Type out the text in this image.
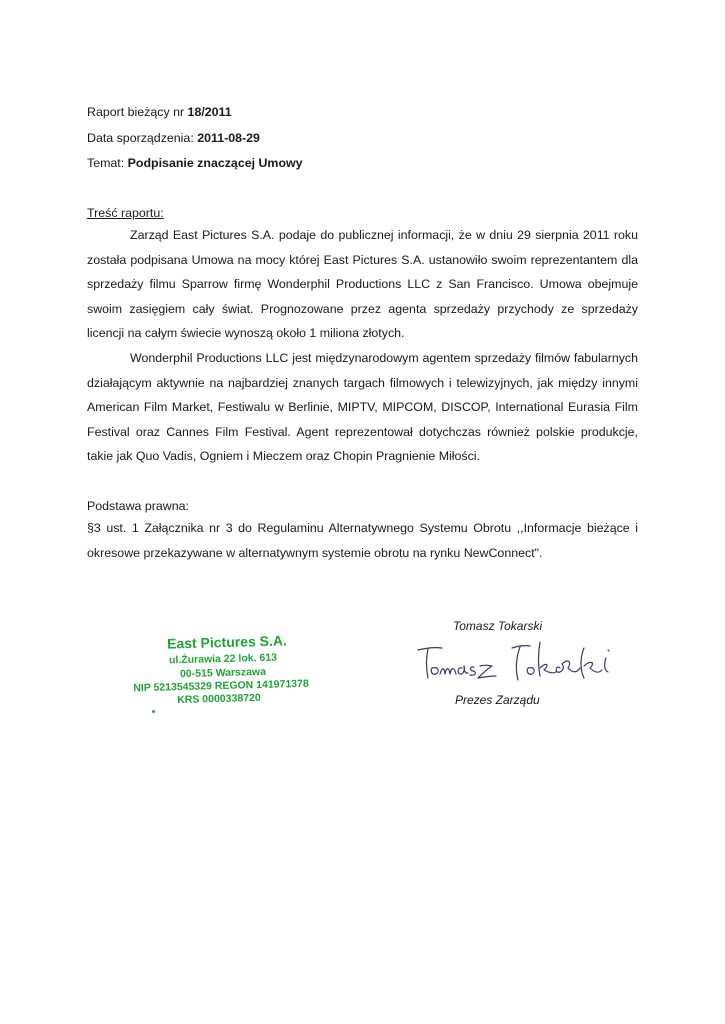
Raport bieżący nr 18/2011
Data sporządzenia: 2011-08-29
Temat: Podpisanie znaczącej Umowy
Treść raportu:

Zarząd East Pictures S.A. podaje do publicznej informacji, że w dniu 29 sierpnia 2011 roku została podpisana Umowa na mocy której East Pictures S.A. ustanowiło swoim reprezentantem dla sprzedaży filmu Sparrow firmę Wonderphil Productions LLC z San Francisco. Umowa obejmuje swoim zasięgiem cały świat. Prognozowane przez agenta sprzedaży przychody ze sprzedaży licencji na całym świecie wynoszą około 1 miliona złotych.

Wonderphil Productions LLC jest międzynarodowym agentem sprzedaży filmów fabularnych działającym aktywnie na najbardziej znanych targach filmowych i telewizyjnych, jak między innymi American Film Market, Festiwalu w Berlinie, MIPTV, MIPCOM, DISCOP, International Eurasia Film Festival oraz Cannes Film Festival. Agent reprezentował dotychczas również polskie produkcje, takie jak Quo Vadis, Ogniem i Mieczem oraz Chopin Pragnienie Miłości.

Podstawa prawna:

§3 ust. 1 Załącznika nr 3 do Regulaminu Alternatywnego Systemu Obrotu ,,Informacje bieżące i okresowe przekazywane w alternatywnym systemie obrotu na rynku NewConnect".

East Pictures S.A.
ul.Żurawia 22 lok. 613
00-515 Warszawa
NIP 5213545329 REGON 141971378
KRS 0000338720
Tomasz Tokarski
Prezes Zarządu
